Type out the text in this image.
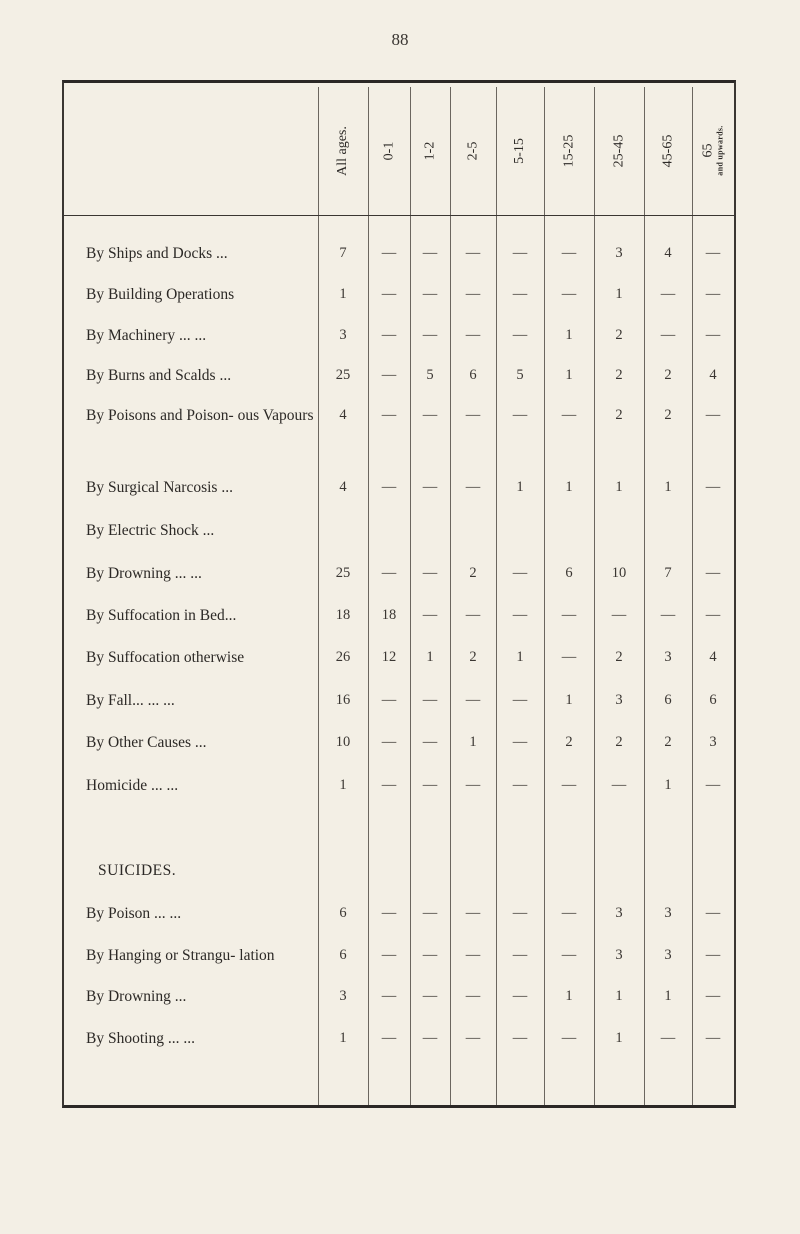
88
All ages. 0-1 1-2 2-5 5-15 15-25	25-45 45-65 65 and upwards.
By Ships and Docks ...	7	—	—	—	—	—	3	4	—
By Building Operations	1	—	—	—	—	—	1	—	—
By Machinery ... ...	3	—	—	—	—	1	2	—	—
By Burns and Scalds ...	25	—	5	6	5	1	2	2	4
By Poisons and Poison- ous Vapours	4	—	—	—	—	—	2	2	—
By Surgical Narcosis ...	4	—	—	—	1	1	1	1	—
By Electric Shock ...
By Drowning ... ...	25	—	—	2	—	6	10	7	—
By Suffocation in Bed...	18	18	—	—	—	—	—	—	—
By Suffocation otherwise	26	12	1	2	1	—	2	3	4
By Fall... ... ...	16	—	—	—	—	1	3	6	6
By Other Causes ...	10	—	—	1	—	2	2	2	3
Homicide ... ...	1	—	—	—	—	—	—	1	—
SUICIDES.
By Poison ... ...	6	—	—	—	—	—	3	3	—
By Hanging or Strangu- lation	6	—	—	—	—	—	3	3	—
By Drowning ...	3	—	—	—	—	1	1	1	—
By Shooting ... ...	1	—	—	—	—	—	1	—	—
